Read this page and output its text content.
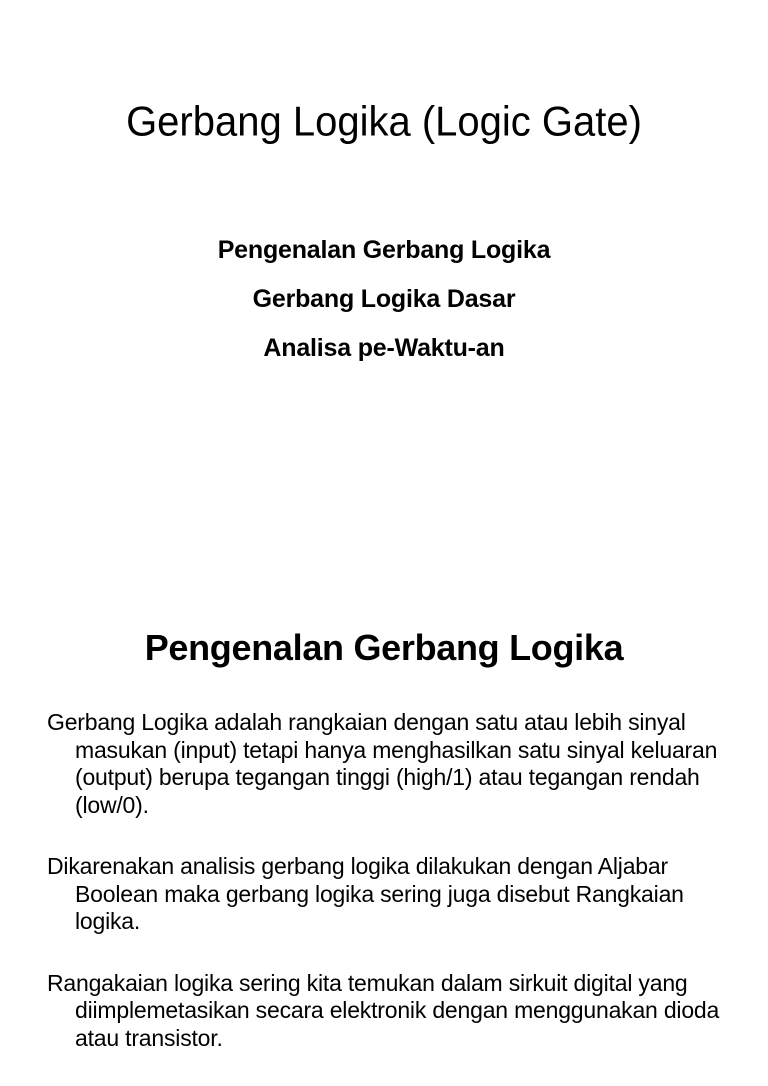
Gerbang Logika (Logic Gate)
Pengenalan Gerbang Logika
Gerbang Logika Dasar
Analisa pe-Waktu-an
Pengenalan Gerbang Logika

Gerbang Logika adalah rangkaian dengan satu atau lebih sinyal masukan (input) tetapi hanya menghasilkan satu sinyal keluaran (output) berupa tegangan tinggi (high/1) atau tegangan rendah (low/0).

Dikarenakan analisis gerbang logika dilakukan dengan Aljabar Boolean maka gerbang logika sering juga disebut Rangkaian logika.

Rangakaian logika sering kita temukan dalam sirkuit digital yang diimplemetasikan secara elektronik dengan menggunakan dioda atau transistor.
